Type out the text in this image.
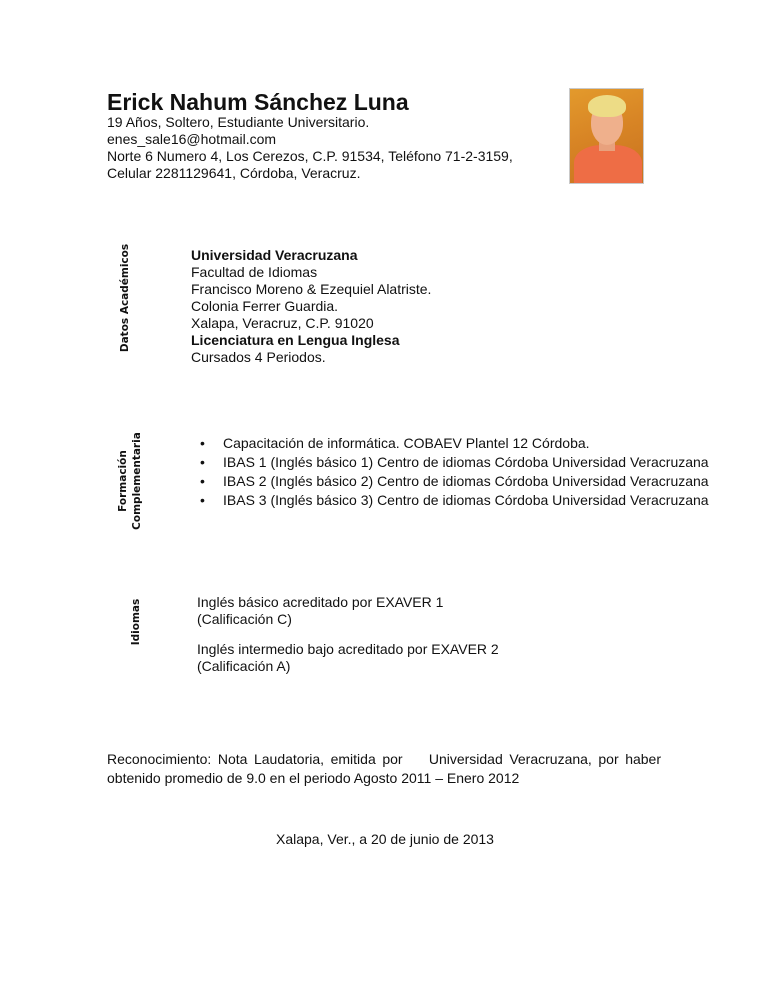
Erick Nahum Sánchez Luna
19 Años, Soltero, Estudiante Universitario.
enes_sale16@hotmail.com
Norte 6 Numero 4, Los Cerezos, C.P. 91534, Teléfono 71-2-3159,
Celular 2281129641, Córdoba, Veracruz.
Datos Académicos	Universidad Veracruzana
Facultad de Idiomas
Francisco Moreno & Ezequiel Alatriste.
Colonia Ferrer Guardia.
Xalapa, Veracruz, C.P. 91020
Licenciatura en Lengua Inglesa
Cursados 4 Periodos.
Formación Complementaria	• Capacitación de informática. COBAEV Plantel 12 Córdoba.
• IBAS 1 (Inglés básico 1) Centro de idiomas Córdoba Universidad Veracruzana
• IBAS 2 (Inglés básico 2) Centro de idiomas Córdoba Universidad Veracruzana
• IBAS 3 (Inglés básico 3) Centro de idiomas Córdoba Universidad Veracruzana
Idiomas	Inglés básico acreditado por EXAVER 1
(Calificación C)
Inglés intermedio bajo acreditado por EXAVER 2
(Calificación A)
Reconocimiento: Nota Laudatoria, emitida por    Universidad Veracruzana, por haber
obtenido promedio de 9.0 en el periodo Agosto 2011 – Enero 2012
Xalapa, Ver., a 20 de junio de 2013
